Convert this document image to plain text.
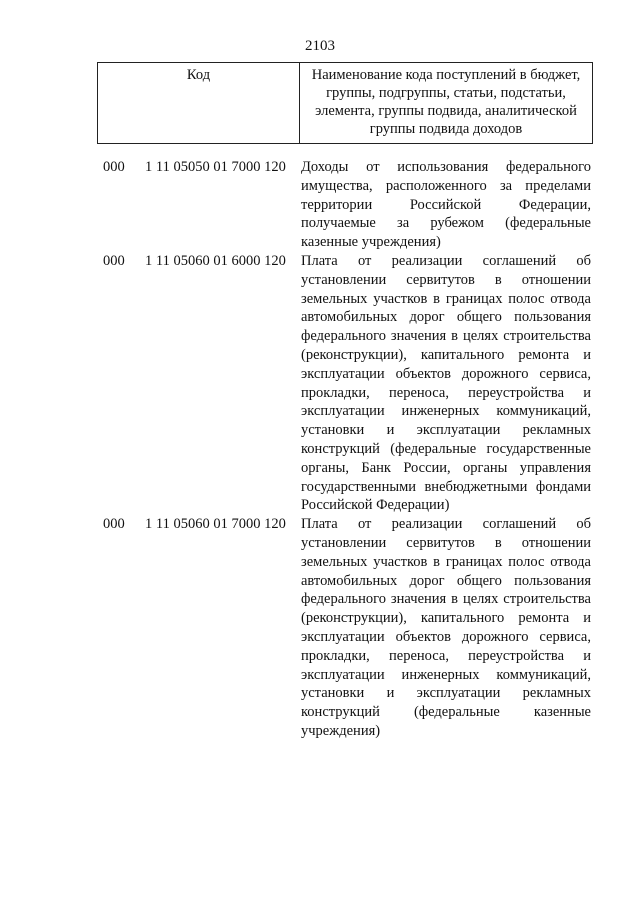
2103
Код	Наименование кода поступлений в бюджет, группы, подгруппы, статьи, подстатьи, элемента, группы подвида, аналитической группы подвида доходов
000 1 11 05050 01 7000 120 Доходы от использования федерального имущества, расположенного за пределами территории Российской Федерации, получаемые за рубежом (федеральные казенные учреждения)
000 1 11 05060 01 6000 120 Плата от реализации соглашений об установлении сервитутов в отношении земельных участков в границах полос отвода автомобильных дорог общего пользования федерального значения в целях строительства (реконструкции), капитального ремонта и эксплуатации объектов дорожного сервиса, прокладки, переноса, переустройства и эксплуатации инженерных коммуникаций, установки и эксплуатации рекламных конструкций (федеральные государственные органы, Банк России, органы управления государственными внебюджетными фондами Российской Федерации)
000 1 11 05060 01 7000 120 Плата от реализации соглашений об установлении сервитутов в отношении земельных участков в границах полос отвода автомобильных дорог общего пользования федерального значения в целях строительства (реконструкции), капитального ремонта и эксплуатации объектов дорожного сервиса, прокладки, переноса, переустройства и эксплуатации инженерных коммуникаций, установки и эксплуатации рекламных конструкций (федеральные казенные учреждения)
